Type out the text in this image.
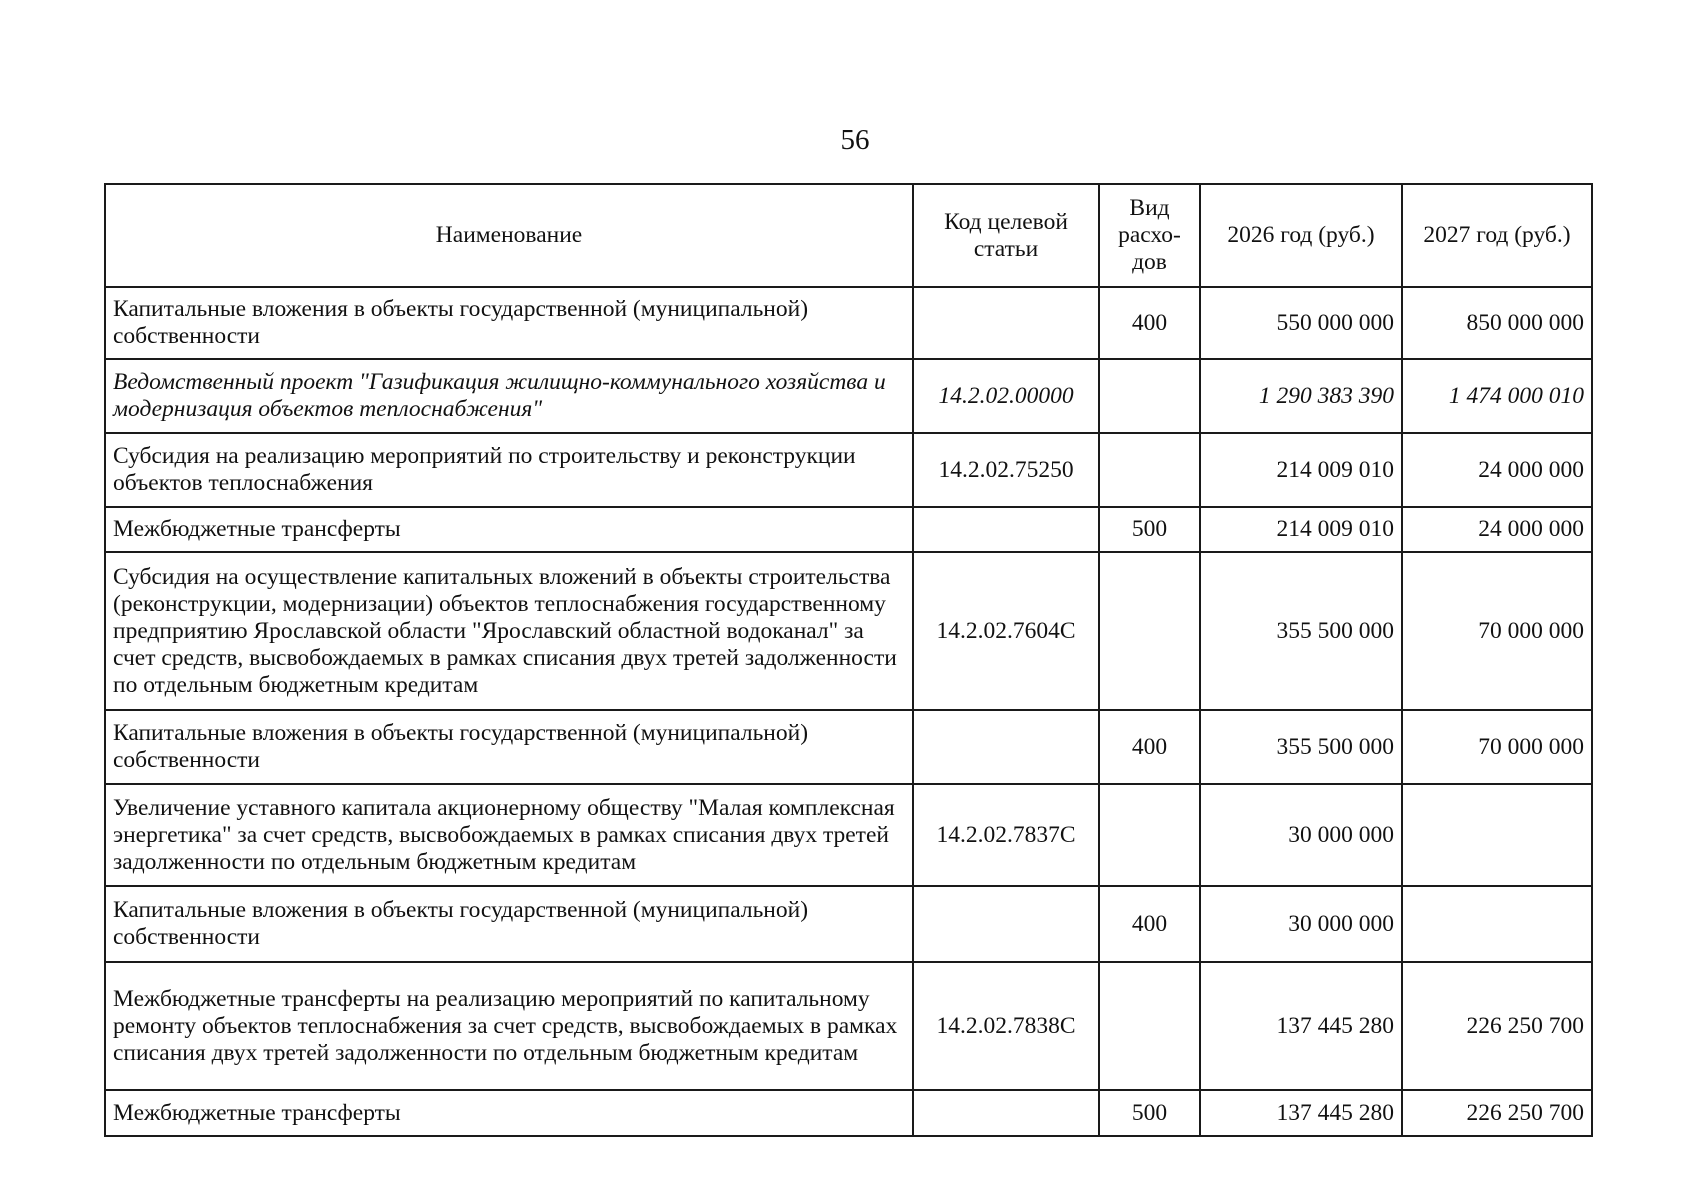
56
Наименование	Код целевой статьи	Вид расхо-дов	2026 год (руб.)	2027 год (руб.)
Капитальные вложения в объекты государственной (муниципальной) собственности		400	550 000 000	850 000 000
Ведомственный проект "Газификация жилищно-коммунального хозяйства и модернизация объектов теплоснабжения"	14.2.02.00000		1 290 383 390	1 474 000 010
Субсидия на реализацию мероприятий по строительству и реконструкции объектов теплоснабжения	14.2.02.75250		214 009 010	24 000 000
Межбюджетные трансферты		500	214 009 010	24 000 000
Субсидия на осуществление капитальных вложений в объекты строительства (реконструкции, модернизации) объектов теплоснабжения государственному предприятию Ярославской области "Ярославский областной водоканал" за счет средств, высвобождаемых в рамках списания двух третей задолженности по отдельным бюджетным кредитам	14.2.02.7604С		355 500 000	70 000 000
Капитальные вложения в объекты государственной (муниципальной) собственности		400	355 500 000	70 000 000
Увеличение уставного капитала акционерному обществу "Малая комплексная энергетика" за счет средств, высвобождаемых в рамках списания двух третей задолженности по отдельным бюджетным кредитам	14.2.02.7837С		30 000 000	
Капитальные вложения в объекты государственной (муниципальной) собственности		400	30 000 000	
Межбюджетные трансферты на реализацию мероприятий по капитальному ремонту объектов теплоснабжения за счет средств, высвобождаемых в рамках списания двух третей задолженности по отдельным бюджетным кредитам	14.2.02.7838С		137 445 280	226 250 700
Межбюджетные трансферты		500	137 445 280	226 250 700
